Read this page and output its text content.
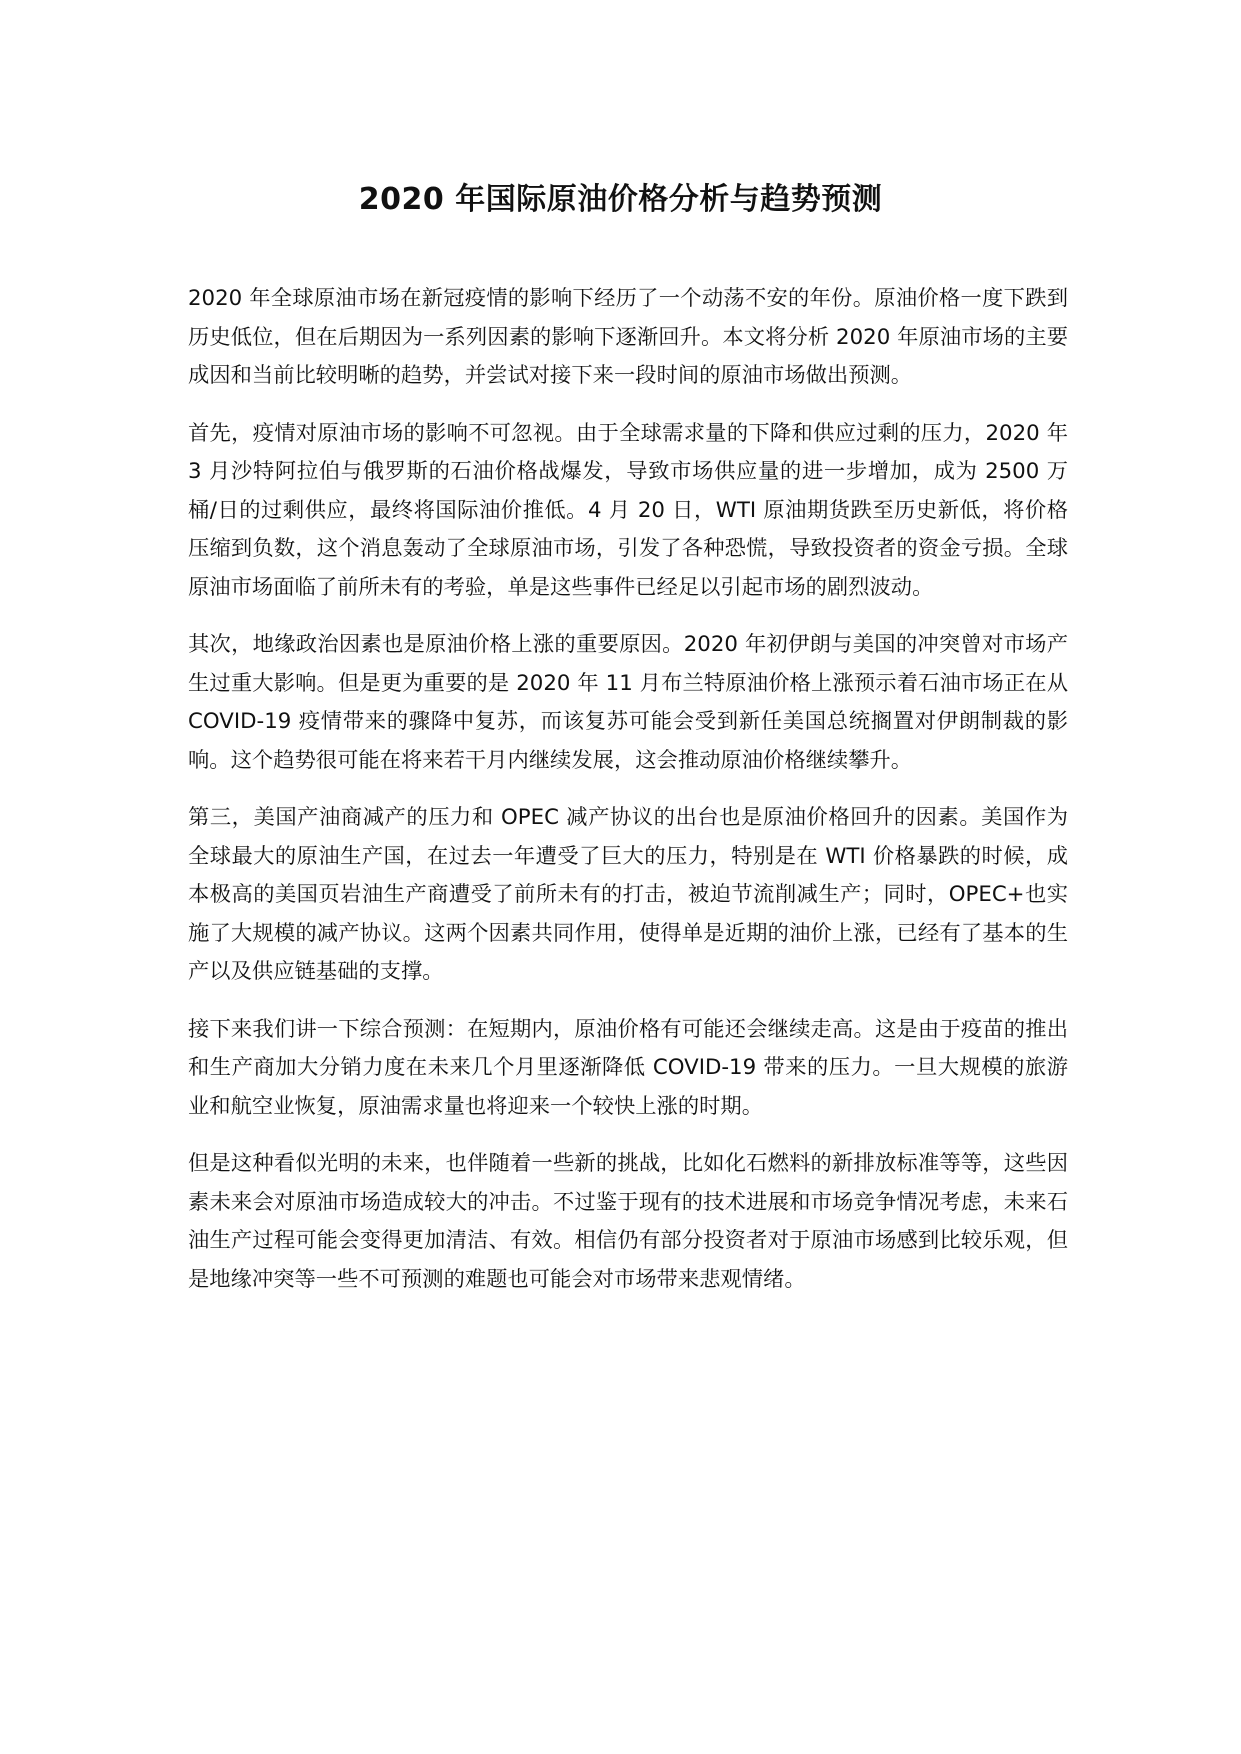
2020 年国际原油价格分析与趋势预测

2020 年全球原油市场在新冠疫情的影响下经历了一个动荡不安的年份。原油价格一度下跌到历史低位，但在后期因为一系列因素的影响下逐渐回升。本文将分析 2020 年原油市场的主要成因和当前比较明晰的趋势，并尝试对接下来一段时间的原油市场做出预测。

首先，疫情对原油市场的影响不可忽视。由于全球需求量的下降和供应过剩的压力，2020 年 3 月沙特阿拉伯与俄罗斯的石油价格战爆发，导致市场供应量的进一步增加，成为 2500 万桶/日的过剩供应，最终将国际油价推低。4 月 20 日，WTI 原油期货跌至历史新低，将价格压缩到负数，这个消息轰动了全球原油市场，引发了各种恐慌，导致投资者的资金亏损。全球原油市场面临了前所未有的考验，单是这些事件已经足以引起市场的剧烈波动。

其次，地缘政治因素也是原油价格上涨的重要原因。2020 年初伊朗与美国的冲突曾对市场产生过重大影响。但是更为重要的是 2020 年 11 月布兰特原油价格上涨预示着石油市场正在从 COVID-19 疫情带来的骤降中复苏，而该复苏可能会受到新任美国总统搁置对伊朗制裁的影响。这个趋势很可能在将来若干月内继续发展，这会推动原油价格继续攀升。

第三，美国产油商减产的压力和 OPEC 减产协议的出台也是原油价格回升的因素。美国作为全球最大的原油生产国，在过去一年遭受了巨大的压力，特别是在 WTI 价格暴跌的时候，成本极高的美国页岩油生产商遭受了前所未有的打击，被迫节流削减生产；同时，OPEC+也实施了大规模的减产协议。这两个因素共同作用，使得单是近期的油价上涨，已经有了基本的生产以及供应链基础的支撑。

接下来我们讲一下综合预测：在短期内，原油价格有可能还会继续走高。这是由于疫苗的推出和生产商加大分销力度在未来几个月里逐渐降低 COVID-19 带来的压力。一旦大规模的旅游业和航空业恢复，原油需求量也将迎来一个较快上涨的时期。

但是这种看似光明的未来，也伴随着一些新的挑战，比如化石燃料的新排放标准等等，这些因素未来会对原油市场造成较大的冲击。不过鉴于现有的技术进展和市场竞争情况考虑，未来石油生产过程可能会变得更加清洁、有效。相信仍有部分投资者对于原油市场感到比较乐观，但是地缘冲突等一些不可预测的难题也可能会对市场带来悲观情绪。
